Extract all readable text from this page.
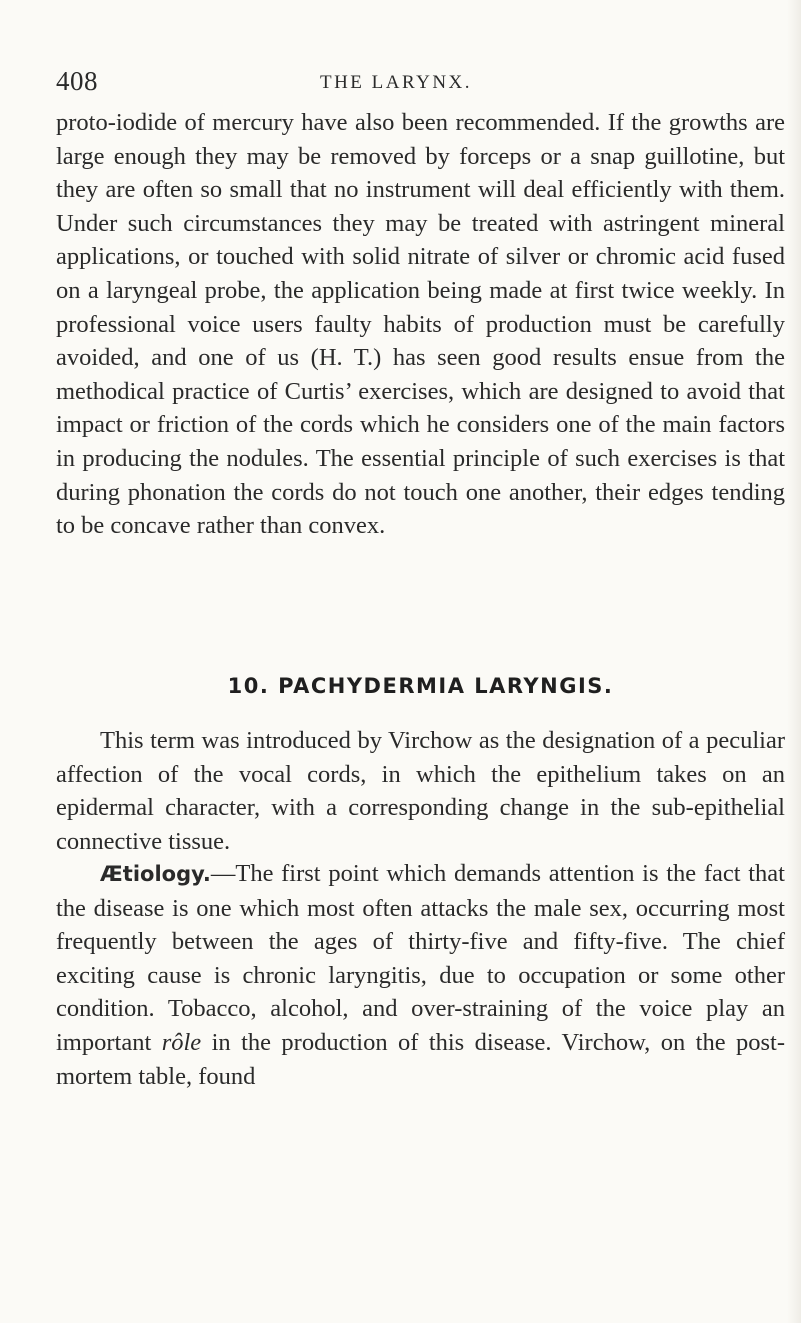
408	THE LARYNX.

proto-iodide of mercury have also been recommended. If the growths are large enough they may be removed by forceps or a snap guillotine, but they are often so small that no instrument will deal efficiently with them. Under such circumstances they may be treated with astringent mineral applications, or touched with solid nitrate of silver or chromic acid fused on a laryngeal probe, the application being made at first twice weekly. In professional voice users faulty habits of production must be carefully avoided, and one of us (H. T.) has seen good results ensue from the methodical practice of Curtis’ exercises, which are designed to avoid that impact or friction of the cords which he considers one of the main factors in producing the nodules. The essential principle of such exercises is that during phonation the cords do not touch one another, their edges tending to be concave rather than convex.

10. PACHYDERMIA LARYNGIS.

This term was introduced by Virchow as the designation of a peculiar affection of the vocal cords, in which the epithelium takes on an epidermal character, with a corresponding change in the sub-epithelial connective tissue.

Ætiology.—The first point which demands attention is the fact that the disease is one which most often attacks the male sex, occurring most frequently between the ages of thirty-five and fifty-five. The chief exciting cause is chronic laryngitis, due to occupation or some other condition. Tobacco, alcohol, and over-straining of the voice play an important rôle in the production of this disease. Virchow, on the post-mortem table, found
